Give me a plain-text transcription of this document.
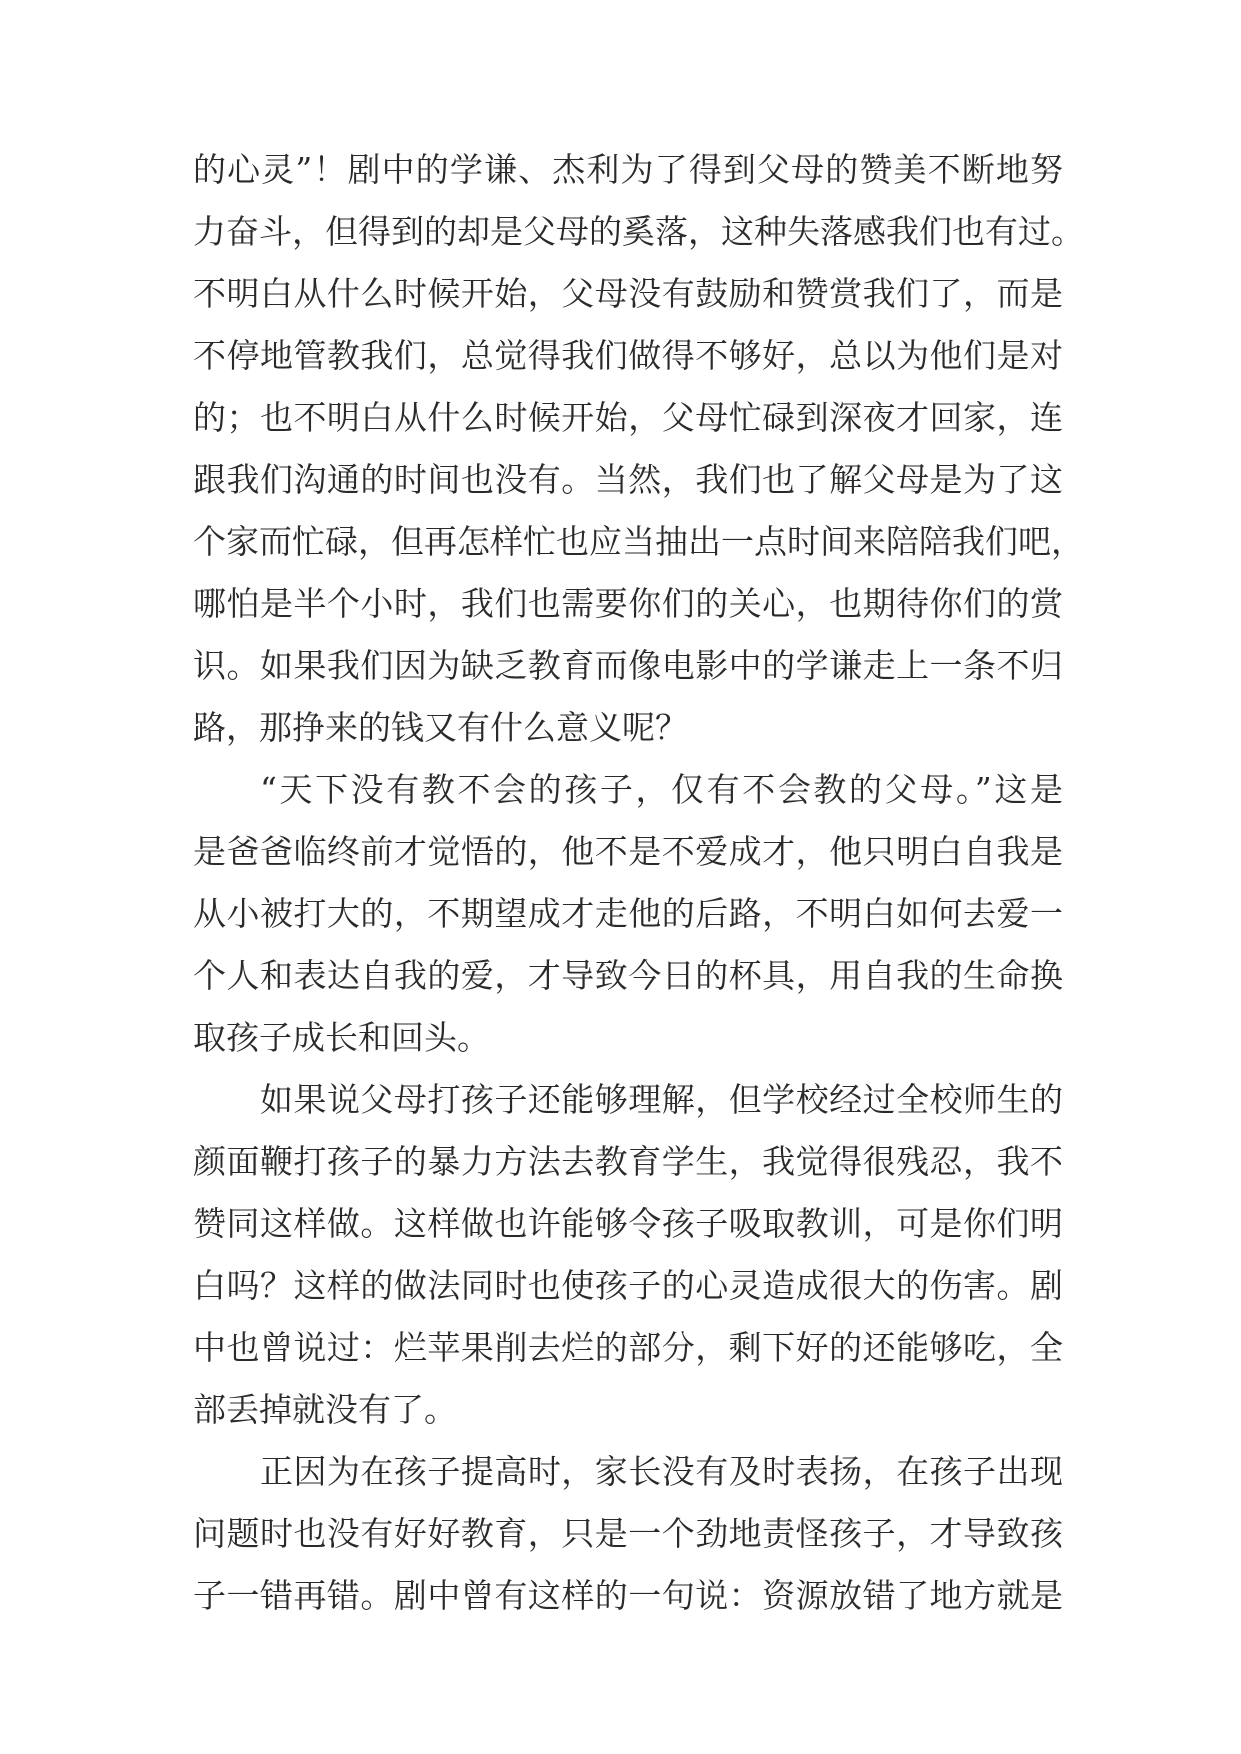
的心灵”！剧中的学谦、杰利为了得到父母的赞美不断地努
力奋斗，但得到的却是父母的奚落，这种失落感我们也有过。
不明白从什么时候开始，父母没有鼓励和赞赏我们了，而是
不停地管教我们，总觉得我们做得不够好，总以为他们是对
的；也不明白从什么时候开始，父母忙碌到深夜才回家，连
跟我们沟通的时间也没有。当然，我们也了解父母是为了这
个家而忙碌，但再怎样忙也应当抽出一点时间来陪陪我们吧，
哪怕是半个小时，我们也需要你们的关心，也期待你们的赏
识。如果我们因为缺乏教育而像电影中的学谦走上一条不归
路，那挣来的钱又有什么意义呢？
“天下没有教不会的孩子，仅有不会教的父母。”这是
是爸爸临终前才觉悟的，他不是不爱成才，他只明白自我是
从小被打大的，不期望成才走他的后路，不明白如何去爱一
个人和表达自我的爱，才导致今日的杯具，用自我的生命换
取孩子成长和回头。
如果说父母打孩子还能够理解，但学校经过全校师生的
颜面鞭打孩子的暴力方法去教育学生，我觉得很残忍，我不
赞同这样做。这样做也许能够令孩子吸取教训，可是你们明
白吗？这样的做法同时也使孩子的心灵造成很大的伤害。剧
中也曾说过：烂苹果削去烂的部分，剩下好的还能够吃，全
部丢掉就没有了。
正因为在孩子提高时，家长没有及时表扬，在孩子出现
问题时也没有好好教育，只是一个劲地责怪孩子，才导致孩
子一错再错。剧中曾有这样的一句说：资源放错了地方就是
